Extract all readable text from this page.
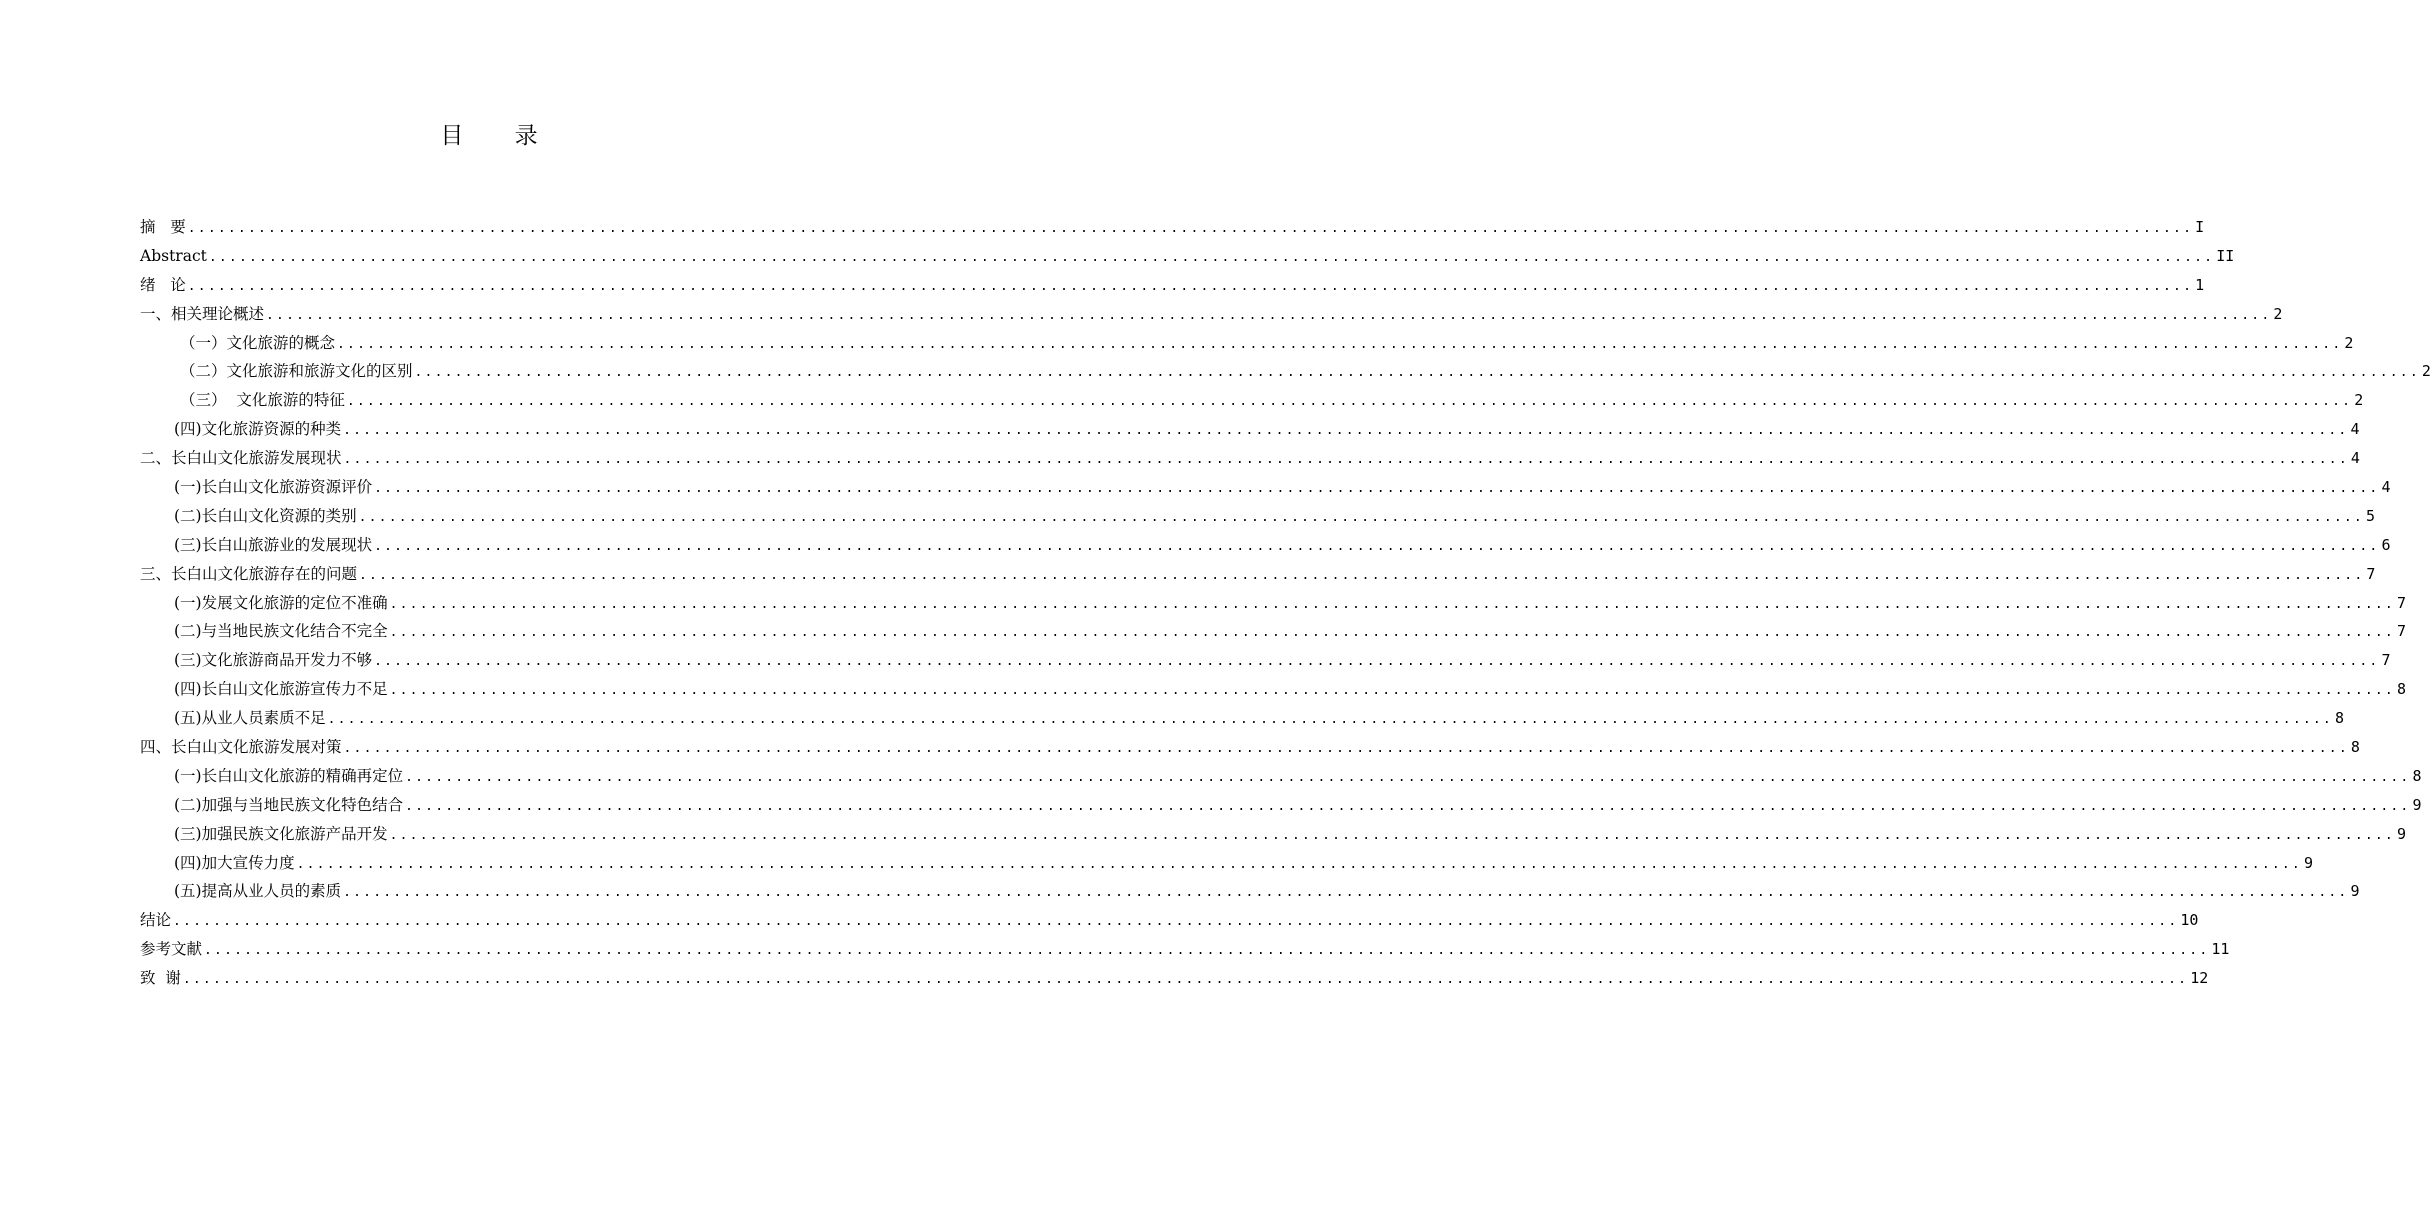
目 录
摘   要 ........................................................................................................................................................................................................ I
Abstract ........................................................................................................................................................................................................ II
绪   论 ........................................................................................................................................................................................................ 1
一、相关理论概述 ........................................................................................................................................................................................................ 2
（一）文化旅游的概念 ........................................................................................................................................................................................................ 2
（二）文化旅游和旅游文化的区别 ........................................................................................................................................................................................................ 2
（三）  文化旅游的特征 ........................................................................................................................................................................................................ 2
(四)文化旅游资源的种类 ........................................................................................................................................................................................................ 4
二、长白山文化旅游发展现状 ........................................................................................................................................................................................................ 4
(一)长白山文化旅游资源评价 ........................................................................................................................................................................................................ 4
(二)长白山文化资源的类别 ........................................................................................................................................................................................................ 5
(三)长白山旅游业的发展现状 ........................................................................................................................................................................................................ 6
三、长白山文化旅游存在的问题 ........................................................................................................................................................................................................ 7
(一)发展文化旅游的定位不准确 ........................................................................................................................................................................................................ 7
(二)与当地民族文化结合不完全 ........................................................................................................................................................................................................ 7
(三)文化旅游商品开发力不够 ........................................................................................................................................................................................................ 7
(四)长白山文化旅游宣传力不足 ........................................................................................................................................................................................................ 8
(五)从业人员素质不足 ........................................................................................................................................................................................................ 8
四、长白山文化旅游发展对策 ........................................................................................................................................................................................................ 8
(一)长白山文化旅游的精确再定位 ........................................................................................................................................................................................................ 8
(二)加强与当地民族文化特色结合 ........................................................................................................................................................................................................ 9
(三)加强民族文化旅游产品开发 ........................................................................................................................................................................................................ 9
(四)加大宣传力度 ........................................................................................................................................................................................................ 9
(五)提高从业人员的素质 ........................................................................................................................................................................................................ 9
结论 ........................................................................................................................................................................................................ 10
参考文献 ........................................................................................................................................................................................................ 11
致  谢 ........................................................................................................................................................................................................ 12
